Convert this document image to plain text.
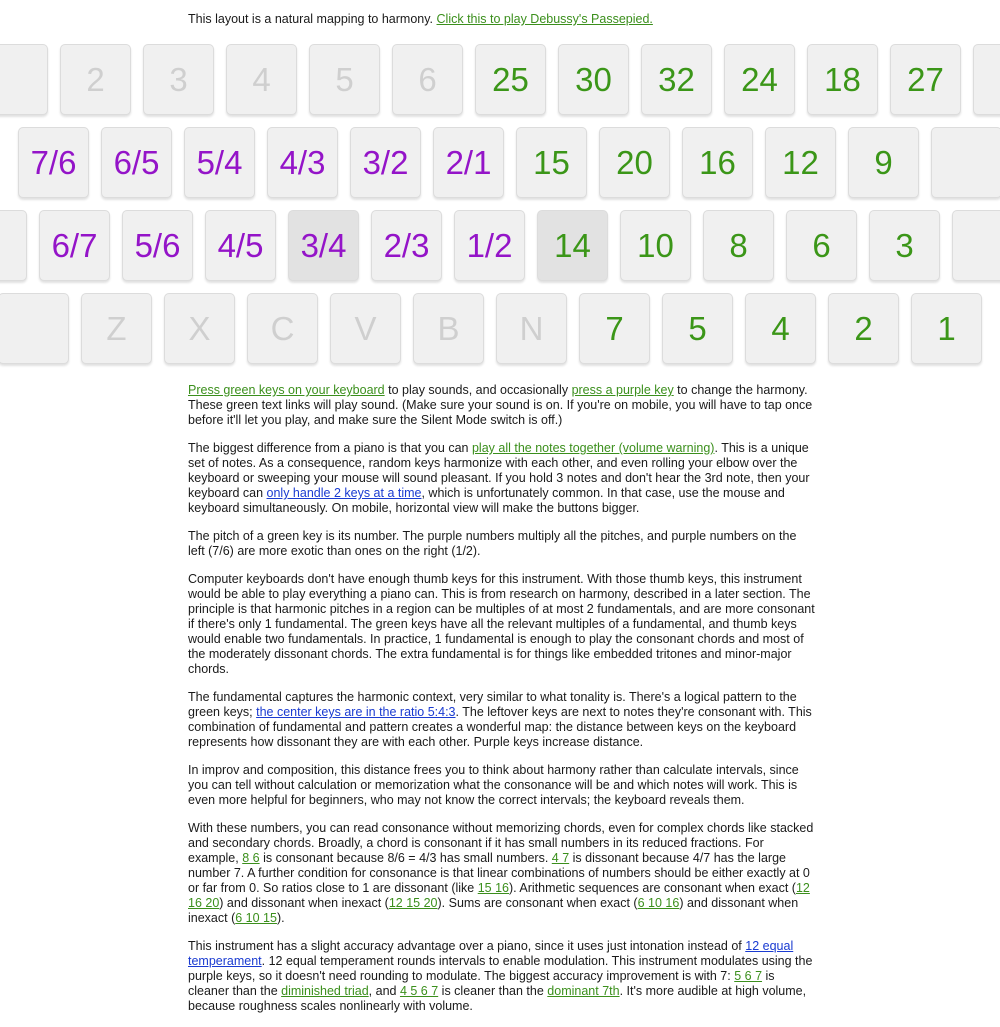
This layout is a natural mapping to harmony. Click this to play Debussy's Passepied.
2	3	4	5	6	25	30	32	24	18	27
7/6	6/5	5/4	4/3	3/2	2/1	15	20	16	12	9
6/7	5/6	4/5	3/4	2/3	1/2	14	10	8	6	3
Z	X	C	V	B	N	7	5	4	2	1

Press green keys on your keyboard to play sounds, and occasionally press a purple key to change the harmony. These green text links will play sound. (Make sure your sound is on. If you're on mobile, you will have to tap once before it'll let you play, and make sure the Silent Mode switch is off.)

The biggest difference from a piano is that you can play all the notes together (volume warning). This is a unique set of notes. As a consequence, random keys harmonize with each other, and even rolling your elbow over the keyboard or sweeping your mouse will sound pleasant. If you hold 3 notes and don't hear the 3rd note, then your keyboard can only handle 2 keys at a time, which is unfortunately common. In that case, use the mouse and keyboard simultaneously. On mobile, horizontal view will make the buttons bigger.

The pitch of a green key is its number. The purple numbers multiply all the pitches, and purple numbers on the left (7/6) are more exotic than ones on the right (1/2).

Computer keyboards don't have enough thumb keys for this instrument. With those thumb keys, this instrument would be able to play everything a piano can. This is from research on harmony, described in a later section. The principle is that harmonic pitches in a region can be multiples of at most 2 fundamentals, and are more consonant if there's only 1 fundamental. The green keys have all the relevant multiples of a fundamental, and thumb keys would enable two fundamentals. In practice, 1 fundamental is enough to play the consonant chords and most of the moderately dissonant chords. The extra fundamental is for things like embedded tritones and minor-major chords.

The fundamental captures the harmonic context, very similar to what tonality is. There's a logical pattern to the green keys; the center keys are in the ratio 5:4:3. The leftover keys are next to notes they're consonant with. This combination of fundamental and pattern creates a wonderful map: the distance between keys on the keyboard represents how dissonant they are with each other. Purple keys increase distance.

In improv and composition, this distance frees you to think about harmony rather than calculate intervals, since you can tell without calculation or memorization what the consonance will be and which notes will work. This is even more helpful for beginners, who may not know the correct intervals; the keyboard reveals them.

With these numbers, you can read consonance without memorizing chords, even for complex chords like stacked and secondary chords. Broadly, a chord is consonant if it has small numbers in its reduced fractions. For example, 8 6 is consonant because 8/6 = 4/3 has small numbers. 4 7 is dissonant because 4/7 has the large number 7. A further condition for consonance is that linear combinations of numbers should be either exactly at 0 or far from 0. So ratios close to 1 are dissonant (like 15 16). Arithmetic sequences are consonant when exact (12 16 20) and dissonant when inexact (12 15 20). Sums are consonant when exact (6 10 16) and dissonant when inexact (6 10 15).

This instrument has a slight accuracy advantage over a piano, since it uses just intonation instead of 12 equal temperament. 12 equal temperament rounds intervals to enable modulation. This instrument modulates using the purple keys, so it doesn't need rounding to modulate. The biggest accuracy improvement is with 7: 5 6 7 is cleaner than the diminished triad, and 4 5 6 7 is cleaner than the dominant 7th. It's more audible at high volume, because roughness scales nonlinearly with volume.
